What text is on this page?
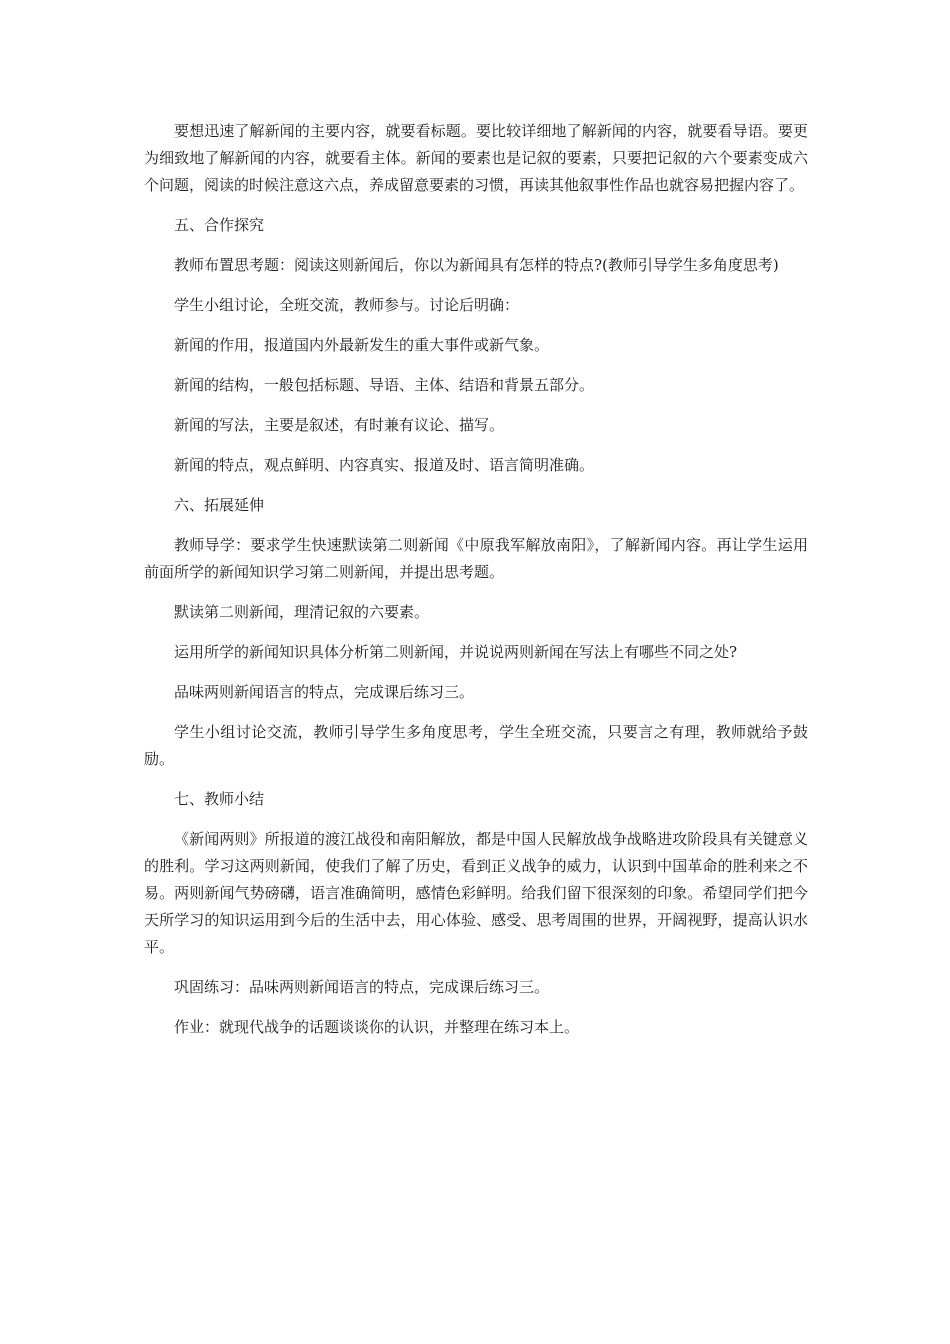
要想迅速了解新闻的主要内容，就要看标题。要比较详细地了解新闻的内容，就要看导语。要更为细致地了解新闻的内容，就要看主体。新闻的要素也是记叙的要素，只要把记叙的六个要素变成六个问题，阅读的时候注意这六点，养成留意要素的习惯，再读其他叙事性作品也就容易把握内容了。

五、合作探究

教师布置思考题：阅读这则新闻后，你以为新闻具有怎样的特点?(教师引导学生多角度思考)

学生小组讨论，全班交流，教师参与。讨论后明确：

新闻的作用，报道国内外最新发生的重大事件或新气象。

新闻的结构，一般包括标题、导语、主体、结语和背景五部分。

新闻的写法，主要是叙述，有时兼有议论、描写。

新闻的特点，观点鲜明、内容真实、报道及时、语言简明准确。

六、拓展延伸

教师导学：要求学生快速默读第二则新闻《中原我军解放南阳》，了解新闻内容。再让学生运用前面所学的新闻知识学习第二则新闻，并提出思考题。

默读第二则新闻，理清记叙的六要素。

运用所学的新闻知识具体分析第二则新闻，并说说两则新闻在写法上有哪些不同之处?

品味两则新闻语言的特点，完成课后练习三。

学生小组讨论交流，教师引导学生多角度思考，学生全班交流，只要言之有理，教师就给予鼓励。

七、教师小结

《新闻两则》所报道的渡江战役和南阳解放，都是中国人民解放战争战略进攻阶段具有关键意义的胜利。学习这两则新闻，使我们了解了历史，看到正义战争的威力，认识到中国革命的胜利来之不易。两则新闻气势磅礴，语言准确简明，感情色彩鲜明。给我们留下很深刻的印象。希望同学们把今天所学习的知识运用到今后的生活中去，用心体验、感受、思考周围的世界，开阔视野，提高认识水平。

巩固练习：品味两则新闻语言的特点，完成课后练习三。

作业：就现代战争的话题谈谈你的认识，并整理在练习本上。
